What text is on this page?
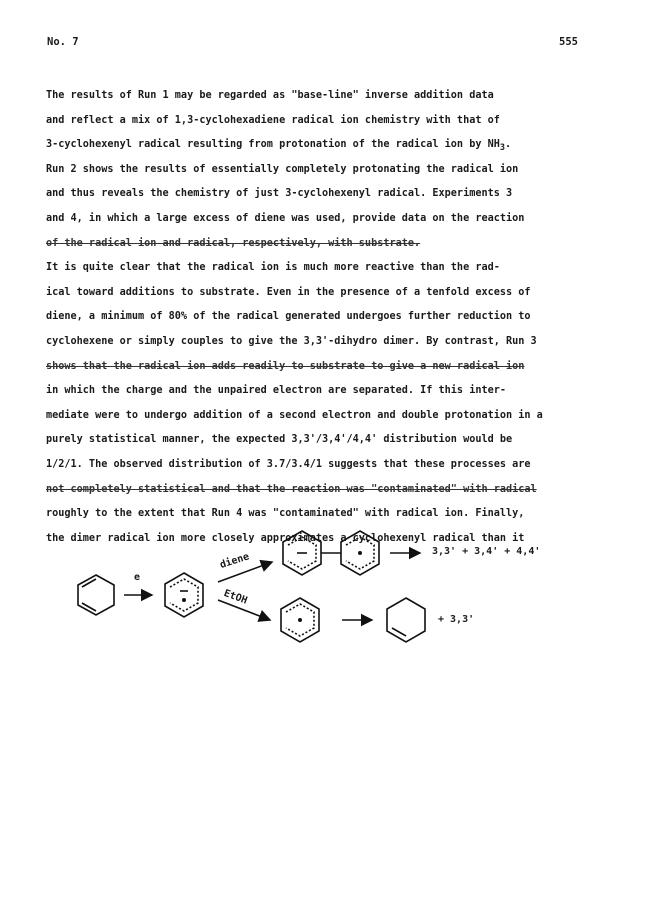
No. 7	555
The results of Run 1 may be regarded as "base-line" inverse addition data
and reflect a mix of 1,3-cyclohexadiene radical ion chemistry with that of
3-cyclohexenyl radical resulting from protonation of the radical ion by $NH_3$.
Run 2 shows the results of essentially completely protonating the radical ion
and thus reveals the chemistry of just 3-cyclohexenyl radical. Experiments 3
and 4, in which a large excess of diene was used, provide data on the reaction
of the radical ion and radical, respectively, with substrate.
It is quite clear that the radical ion is much more reactive than the rad-
ical toward additions to substrate. Even in the presence of a tenfold excess of
diene, a minimum of 80% of the radical generated undergoes further reduction to
cyclohexene or simply couples to give the 3,3'-dihydro dimer. By contrast, Run 3
shows that the radical ion adds readily to substrate to give a new radical ion
in which the charge and the unpaired electron are separated. If this inter-
mediate were to undergo addition of a second electron and double protonation in a
purely statistical manner, the expected 3,3'/3,4'/4,4' distribution would be
1/2/1. The observed distribution of 3.7/3.4/1 suggests that these processes are
not completely statistical and that the reaction was "contaminated" with radical
roughly to the extent that Run 4 was "contaminated" with radical ion. Finally,
the dimer radical ion more closely approximates a cyclohexenyl radical than it
e
diene
EtOH
3,3' + 3,4' + 4,4'
+ 3,3'
